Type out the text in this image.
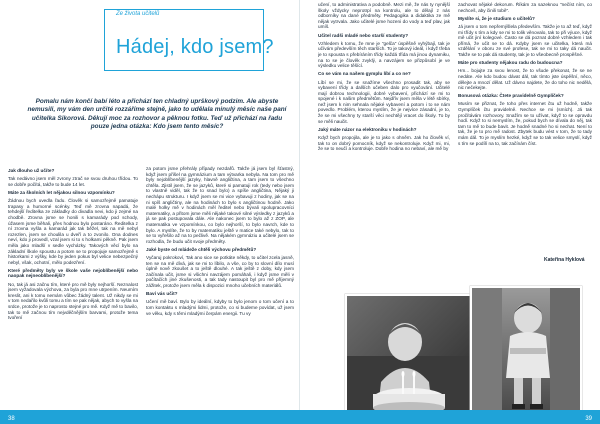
Ze života učitelů
Hádej, kdo jsem?
Pomalu nám končí babí léto a přichází ten chladný uprškový podzim. Ale abyste nemusili, my vám den určité rozzáříme stejně, jako to udělala minulý měsíc naše paní učitelka Sikorová. Děkují moc za rozhovor a pěknou fotku. Teď už přichází na řadu pouze jedna otázka: Kdo jsem tento měsíc?

Jak dlouho už učíte?

Tak nedávno jsem měl zvrony ztrač se svou druhou třídou. To se dobře počítá, takže to bude 14 let.

Máte za školních let nějakou silnou vzpomínku?

Žádnou bych uvedla řadu. Člověk si samozřejmě pamatuje trapasy a humorné scénky. Teď mě zrovna napadá, že tehdejší ředitelka ze základky do divadla nevi, kdo ji zejmé na chodbě. Zrovna jsme se honili s kamarády pod schody, úžasem jsme běhali, přes hodnou bylo postaráno. Ředitelka z ní zrovna vyšla a kamarád jak tak běžel, tak na mě nebyl rozezlen, jsem se choulila u dveří a to zvonilo. Ona dodnes neví, kdo ji provedl, vzal jsem si to s holkami pěkně. Pak jsem měla jako mladší v sedle vycházky. Takových věcí bylo na základní škole spoustu a potom se to propojuje samozřejmě s historkami z výšky, kde by jeden pokus byl velice nebezpečný nebyl, však, ochotní, mělo podezření.

Které předměty byly ve škole vaše nejoblíbenější nebo naopak nejneoblíbenější?

No, tak já asi začnu tím, které pro mě byly nejhorší. Neznalost jsem vyžadovala výchova, za byla pro mne utrpením. Neumím kreslit, ani k tomu nemám vůbec žádný talent. Už nikdy se mi v tom nedařilo kvůli tomu a tím se pak nějak, abych to vyšla na srdce, protože je to naprosto stejné pro mě. Když mě to bavilo, tak to mě začnou tím nejvděčnějším barvami, protože tema tvoření

za potom jsme přehrály případy nezdařů. Takže já jsem byl šťastný, když jsem přišel na gymnázium a tam výtvarka nebyla. Na tom pro mě byly nejoblíbenější jazyky, hlavně angličtina, a tam jsem to všechno chtěla. Zjistil jsem, že se jazyků, které si pamatuji rok (tedy nebo jsem to vlastně viděl, tak že to snad bylo) a spíše angličtina, Nějaký ji nechápu strukturu. I když jsem se mi vice vybavuji z hodiny, jak se na ni spíš angličtiny, ale na hodinách to bylo s angličtinou hodně. Jako malé holky mě v hodinách měl ředitel nebo bývali spolupracovníci matematiky, a přitom jsme měli nějaké takové silné výsledky z jazyků a já se pak postupovala dále. Ale nakonec jsem to bylo až z ZOP, ale matematika ve vzpomínkou, co bylo nejhorší, to bylo navrch, kde to bylo. A myslíte, že to by matematiku ještě v matice také nebylo, tak to se to vyřešilo až na to pečlivě. Na nějakém gymnáziu a učitelé jsem se rozhodla, že budu učit svoje předměty.

Jaké byste od mládeže chtěli výchovu předmětů?

Vyčaruj pokrokoví, Tak ano sice se potkáte někdy, to učitel zcela jasně, ten se na mě dívá, jak se mi to líbilo, a vše, co by to slovní dílo musí úplně nově zkoušet a to ještě dlouhé. A tak ještě z doby, kdy jsem začínala učit, jsme si všichni navzájem pomáhali, i když jsme měli v počítačích jiné zkušenosti, a tak tady nastoupit byl pro mě příjemný zážitek, protože jsem měla k dispozici mnoho učebních materiálů.

Baví vás učit?

Učení mě baví. Bylo by ideální, kdyby to bylo jenom o tom učení a to tom kontaktu s mladými lidmi, protože, co si budeme povídat, už jsem ve věku, kdy s těmi mladými čerpám energii. Tu vy

učení, to administrativa a podobně. Mezi mě, že nás ty nynější školy vždycky neprotrpí na kontrolu, ale to dělají z nás odborníky na dané předměty. Pedagogika a didaktika ze mě nějak vytrvala. Jako učitelé jsme hozeni do vody a teď plav, jak umíš.

Učitel radši mladé nebo starší studenty?

Vzhledem k tomu, že mne je "gelča" úspěšně vyhýbají, tak je učívám především těch starších. To je takový ideál, i když třeba je to spousta s přebíráním třídy každá třída má jinou dynamiku, na to se je člověk zvyklý, a navzájem se přizpůsobí je ve výsledku velice těšící.

Co se vám na našem gymplu líbí a co ne?

Líbí se mi, že se snažíme všechno prosadit tak, aby se vybavení třídy a dalších učeben dalo pro vyučování. Učitelé mají dobrou technologii, dobré vybavení, přichází se mi to spojené i k našim předmětům. Nejdřív jsem měla v létě sbírky, než jsem k nim sehnala nějaké vybavení a potom i to se nám povedlo. Problém, kterou myslím, že je nejvíce zásadní, je to, že se mi všechny ty starší věci nechtějí vracet do školy. To by se měli naučit.

Jaký máte názor na elektroniku v hodinách?

Když bych propojila, ale je to jako s ohněm. Jak ho člověk ví, tak to on dobrý pomocník, když se nekontroluje. Když mi, mi, že se to neučí a kontroluje. Dobře hodina no nebaví, ale mě by

zachovat nějaké dekorum. Říkám za sazeknou "nečíst ním, co nechceš, aby činili tobě".

Myslíte si, že je studium o učitelů?

Já jsem o tom nepřemýšlela především. Takže je to až teď, když mi třídy s tím a kdy se mi to tolik věnovalo, tak to při výuce, když mě učit jiní kolegové. Často se dá poznat dobré vzhledem i tak přímá, že učit se to dá. Kdyby jsem se učitelka, která má vzdělání v oboru ze své profese, tak se mi to taky dá naučit. Takže se to pak dá studenty, tak je to všeobecně prospěšné.

Máte pro studenty nějakou radu do budoucna?

Hm... bojujte za svou lenost, že to všude překonat, že se ne nedáte. Ale kdo budou dávat dál, tak tímto jste úspěšní, něco, dělejte a mnozí dělat. Už dávno najdete, že do toho nic nedělá, nic nečekejte.

Bonusová otázka: Čtete pravidelně Gymplíček?

Musím se přiznat, že toho přes internet čtu už hodně, takže Gymplíček čtu pravidelně. Nechce se mi (smích). Já tak pročítávám rozhovory. Snažím se to užívat, když to se opravdu hodí. Když to si nemyslím, že, pokud bych se dívala do něj, tak tam to mě to bude bavit. Je hodně snadné ho si nechat. Není to tak, že je to pro mě radost. Zbytek budu vést v tom, že to tady mám dál. To je myslím hezké, když se to tak velice smyslí, když s tím se podílí na to, tak začínám číst.

Kateřina Hyklová
38	39
